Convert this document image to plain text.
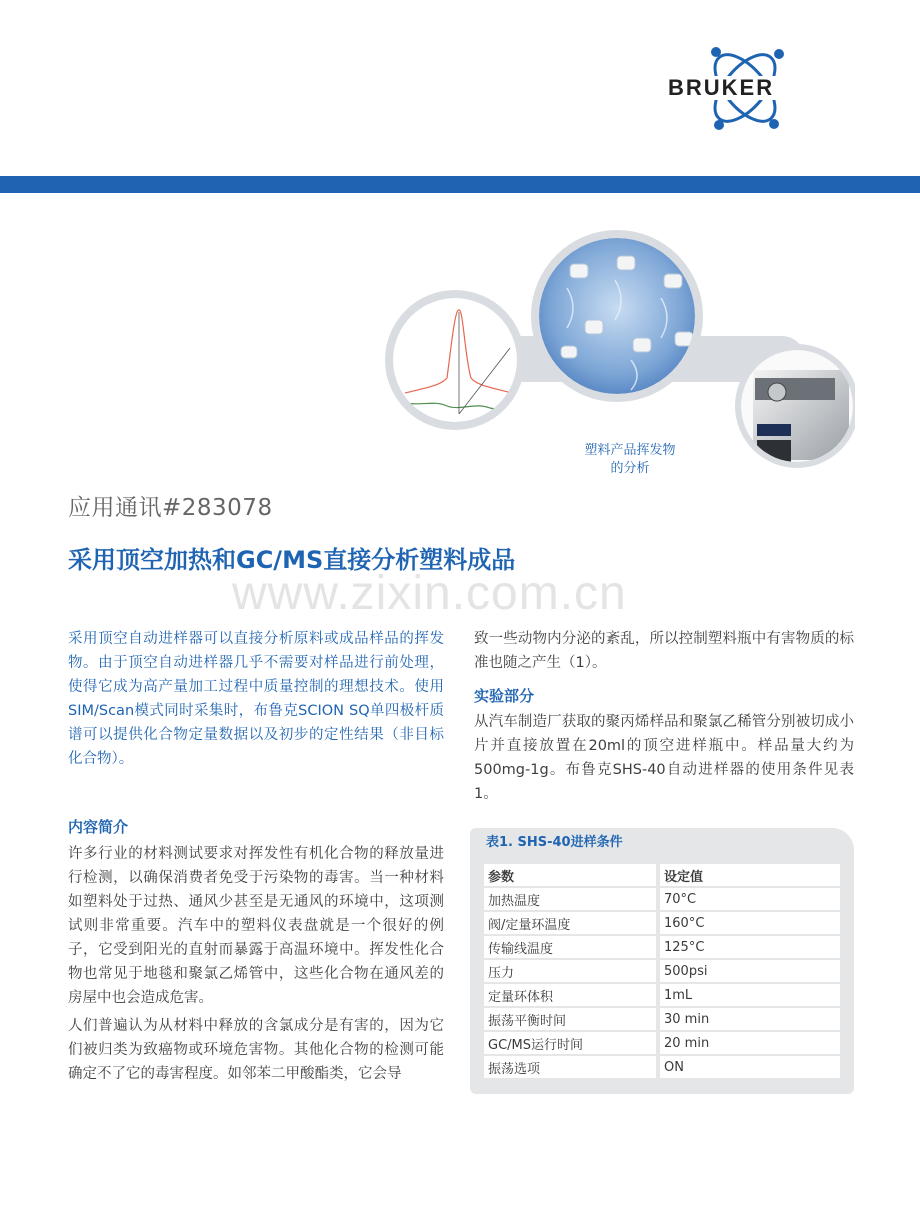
BRUKER
塑料产品挥发物
的分析
应用通讯#283078
采用顶空加热和GC/MS直接分析塑料成品
www.zixin.com.cn

采用顶空自动进样器可以直接分析原料或成品样品的挥发物。由于顶空自动进样器几乎不需要对样品进行前处理，使得它成为高产量加工过程中质量控制的理想技术。使用SIM/Scan模式同时采集时，布鲁克SCION SQ单四极杆质谱可以提供化合物定量数据以及初步的定性结果（非目标化合物）。

内容简介

许多行业的材料测试要求对挥发性有机化合物的释放量进行检测，以确保消费者免受于污染物的毒害。当一种材料如塑料处于过热、通风少甚至是无通风的环境中，这项测试则非常重要。汽车中的塑料仪表盘就是一个很好的例子，它受到阳光的直射而暴露于高温环境中。挥发性化合物也常见于地毯和聚氯乙烯管中，这些化合物在通风差的房屋中也会造成危害。

人们普遍认为从材料中释放的含氯成分是有害的，因为它们被归类为致癌物或环境危害物。其他化合物的检测可能确定不了它的毒害程度。如邻苯二甲酸酯类，它会导

致一些动物内分泌的紊乱，所以控制塑料瓶中有害物质的标准也随之产生（1）。

实验部分

从汽车制造厂获取的聚丙烯样品和聚氯乙稀管分别被切成小片并直接放置在20ml的顶空进样瓶中。样品量大约为500mg-1g。布鲁克SHS-40自动进样器的使用条件见表1。

表1. SHS-40进样条件
参数	设定值
加热温度	70°C
阀/定量环温度	160°C
传输线温度	125°C
压力	500psi
定量环体积	1mL
振荡平衡时间	30 min
GC/MS运行时间	20 min
振荡选项	ON
